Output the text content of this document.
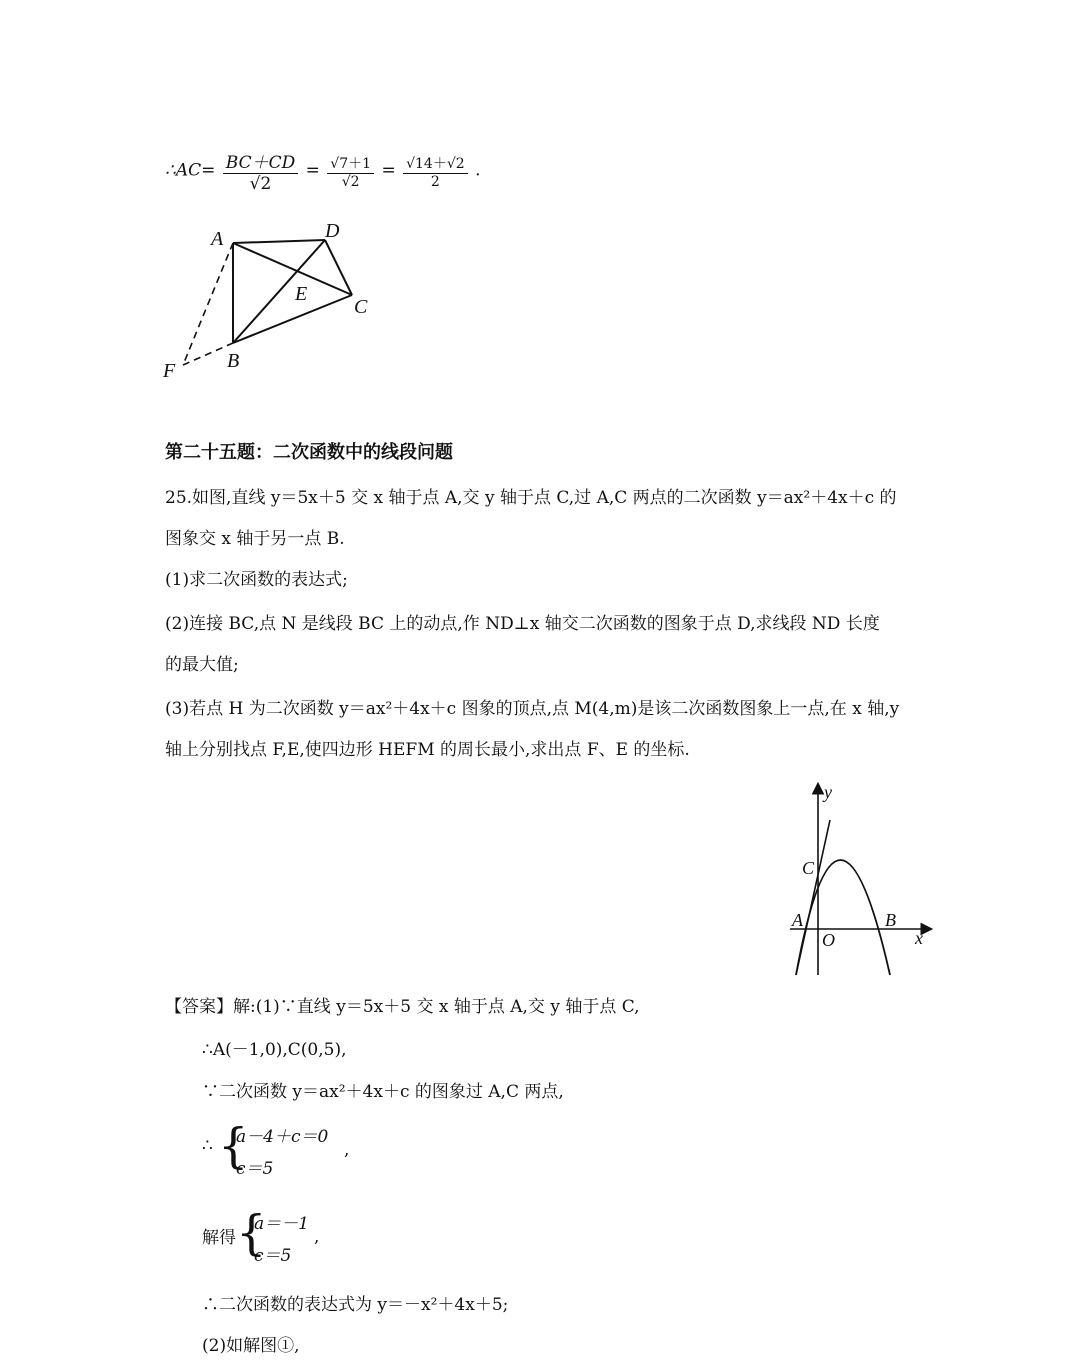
∴AC= $\frac{BC+CD}{√2} = \frac{√7+1}{√2} = \frac{√14+√2}{2}$ .
A	D
E
C
B
F
第二十五题：二次函数中的线段问题
25.如图,直线 y＝5x＋5 交 x 轴于点 A,交 y 轴于点 C,过 A,C 两点的二次函数 y＝ax²＋4x＋c 的
图象交 x 轴于另一点 B.
(1)求二次函数的表达式;
(2)连接 BC,点 N 是线段 BC 上的动点,作 ND⊥x 轴交二次函数的图象于点 D,求线段 ND 长度
的最大值;
(3)若点 H 为二次函数 y＝ax²＋4x＋c 图象的顶点,点 M(4,m)是该二次函数图象上一点,在 x 轴,y
轴上分别找点 F,E,使四边形 HEFM 的周长最小,求出点 F、E 的坐标.
y
x
C
A	B
O
【答案】解:(1)∵直线 y＝5x＋5 交 x 轴于点 A,交 y 轴于点 C,
∴A(－1,0),C(0,5),
∵二次函数 y＝ax²＋4x＋c 的图象过 A,C 两点,
∴ {
a－4＋c＝0
c＝5
,
解得 {
a＝－1
c＝5
,
∴二次函数的表达式为 y＝－x²＋4x＋5;
(2)如解图①,
